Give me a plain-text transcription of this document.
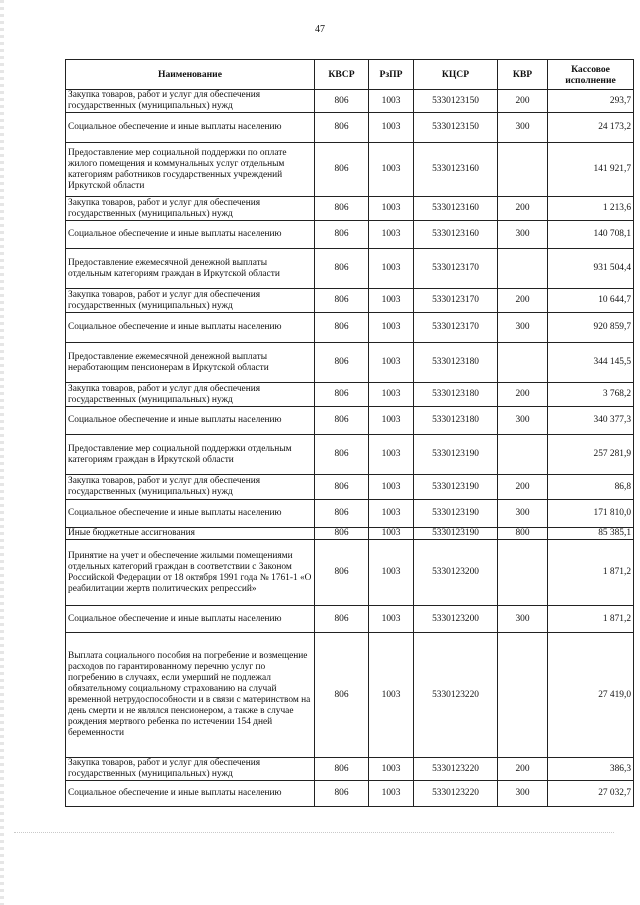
47
Наименование	КВСР	РзПР	КЦСР	КВР	Кассовое исполнение
Закупка товаров, работ и услуг для обеспечения государственных (муниципальных) нужд	806	1003	5330123150	200	293,7
Социальное обеспечение и иные выплаты населению	806	1003	5330123150	300	24 173,2
Предоставление мер социальной поддержки по оплате жилого помещения и коммунальных услуг отдельным категориям работников государственных учреждений Иркутской области	806	1003	5330123160		141 921,7
Закупка товаров, работ и услуг для обеспечения государственных (муниципальных) нужд	806	1003	5330123160	200	1 213,6
Социальное обеспечение и иные выплаты населению	806	1003	5330123160	300	140 708,1
Предоставление ежемесячной денежной выплаты отдельным категориям граждан в Иркутской области	806	1003	5330123170		931 504,4
Закупка товаров, работ и услуг для обеспечения государственных (муниципальных) нужд	806	1003	5330123170	200	10 644,7
Социальное обеспечение и иные выплаты населению	806	1003	5330123170	300	920 859,7
Предоставление ежемесячной денежной выплаты неработающим пенсионерам в Иркутской области	806	1003	5330123180		344 145,5
Закупка товаров, работ и услуг для обеспечения государственных (муниципальных) нужд	806	1003	5330123180	200	3 768,2
Социальное обеспечение и иные выплаты населению	806	1003	5330123180	300	340 377,3
Предоставление мер социальной поддержки отдельным категориям граждан в Иркутской области	806	1003	5330123190		257 281,9
Закупка товаров, работ и услуг для обеспечения государственных (муниципальных) нужд	806	1003	5330123190	200	86,8
Социальное обеспечение и иные выплаты населению	806	1003	5330123190	300	171 810,0
Иные бюджетные ассигнования	806	1003	5330123190	800	85 385,1
Принятие на учет и обеспечение жилыми помещениями отдельных категорий граждан в соответствии с Законом Российской Федерации от 18 октября 1991 года № 1761-1 «О реабилитации жертв политических репрессий»	806	1003	5330123200		1 871,2
Социальное обеспечение и иные выплаты населению	806	1003	5330123200	300	1 871,2
Выплата социального пособия на погребение и возмещение расходов по гарантированному перечню услуг по погребению в случаях, если умерший не подлежал обязательному социальному страхованию на случай временной нетрудоспособности и в связи с материнством на день смерти и не являлся пенсионером, а также в случае рождения мертвого ребенка по истечении 154 дней беременности	806	1003	5330123220		27 419,0
Закупка товаров, работ и услуг для обеспечения государственных (муниципальных) нужд	806	1003	5330123220	200	386,3
Социальное обеспечение и иные выплаты населению	806	1003	5330123220	300	27 032,7
